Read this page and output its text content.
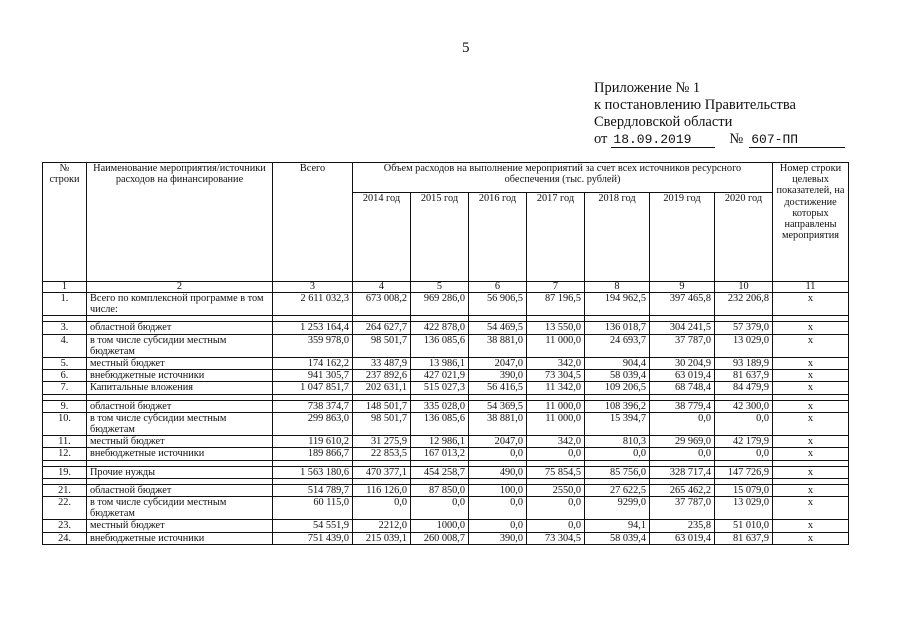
5
Приложение № 1
к постановлению Правительства
Свердловской области
от 18.09.2019	№ 607-ПП
№ строки	Наименование мероприятия/источники расходов на финансирование	Всего	Объем расходов на выполнение мероприятий за счет всех источников ресурсного обеспечения (тыс. рублей)							Номер строки целевых показателей, на достижение которых направлены мероприятия
			2014 год	2015 год	2016 год	2017 год	2018 год	2019 год	2020 год	
1	2	3	4	5	6	7	8	9	10	11
1.	Всего по комплексной программе в том числе:	2 611 032,3	673 008,2	969 286,0	56 906,5	87 196,5	194 962,5	397 465,8	232 206,8	х

3.	областной бюджет	1 253 164,4	264 627,7	422 878,0	54 469,5	13 550,0	136 018,7	304 241,5	57 379,0	х
4.	в том числе субсидии местным бюджетам	359 978,0	98 501,7	136 085,6	38 881,0	11 000,0	24 693,7	37 787,0	13 029,0	х
5.	местный бюджет	174 162,2	33 487,9	13 986,1	2047,0	342,0	904,4	30 204,9	93 189,9	х
6.	внебюджетные источники	941 305,7	237 892,6	427 021,9	390,0	73 304,5	58 039,4	63 019,4	81 637,9	х
7.	Капитальные вложения	1 047 851,7	202 631,1	515 027,3	56 416,5	11 342,0	109 206,5	68 748,4	84 479,9	х

9.	областной бюджет	738 374,7	148 501,7	335 028,0	54 369,5	11 000,0	108 396,2	38 779,4	42 300,0	х
10.	в том числе субсидии местным бюджетам	299 863,0	98 501,7	136 085,6	38 881,0	11 000,0	15 394,7	0,0	0,0	х
11.	местный бюджет	119 610,2	31 275,9	12 986,1	2047,0	342,0	810,3	29 969,0	42 179,9	х
12.	внебюджетные источники	189 866,7	22 853,5	167 013,2	0,0	0,0	0,0	0,0	0,0	х

19.	Прочие нужды	1 563 180,6	470 377,1	454 258,7	490,0	75 854,5	85 756,0	328 717,4	147 726,9	х

21.	областной бюджет	514 789,7	116 126,0	87 850,0	100,0	2550,0	27 622,5	265 462,2	15 079,0	х
22.	в том числе субсидии местным бюджетам	60 115,0	0,0	0,0	0,0	0,0	9299,0	37 787,0	13 029,0	х
23.	местный бюджет	54 551,9	2212,0	1000,0	0,0	0,0	94,1	235,8	51 010,0	х
24.	внебюджетные источники	751 439,0	215 039,1	260 008,7	390,0	73 304,5	58 039,4	63 019,4	81 637,9	х
